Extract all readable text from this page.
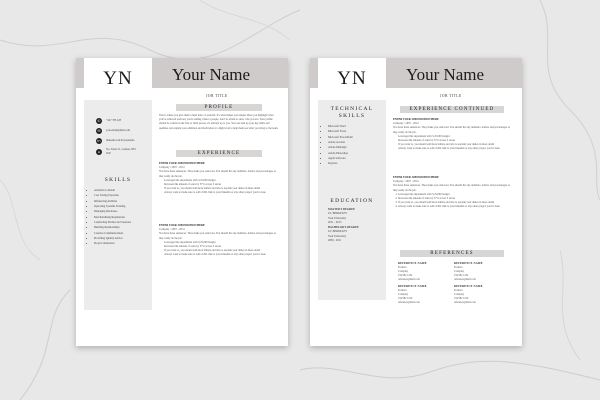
YN	Your Name
JOB TITLE
✆	+447 783 228
✉	your.email@mail.com
in	linkedin.com/in/yourname
⌂	No. Street 21, London, NE1 2GE
SKILLS
• Attention to Detail
• Cost Saving Expertise
• Influencing Abilities
• Operating Systems Training
• Managing Databases
• Merchandising Regulations
• Conducting Pitches and Sessions
• Building Relationships
• Creative Communications
• Providing Quality Advice
• Project Orientated
PROFILE
This is where you give them a brief intro of yourself. It's what makes you unique. Here you highlight what you've achieved and how you're adding value to people, don't be afraid to show who you are. Your profile should be written in the first or third person, it's entirely up to you. You can sum up your key skills and qualities and explain your ambition and motivation at a high level to help them see what you bring to the team.
EXPERIENCE
ENTER YOUR JOB POSITION HERE
Company / 2007 - 2014
You have three sentences. They make you stand out. You should list any numbers, dollars and percentages as they really do the job.
• Leveraged the department with 3,25,000 budget
• Increased the amount of sales by 57% across 3 stores
• If you want to, you should add more bullets and tabs to explain your duties in more detail
• Always want to make sure to add a URL link to your linkedin or any other project you've done
ENTER YOUR JOB POSITION HERE
Company / 2007 - 2014
You have three sentences. They make you stand out. You should list any numbers, dollars and percentages as they really do the job.
• Leveraged the department with 3,25,000 budget
• Increased the amount of sales by 57% across 3 stores
• If you want to, you should add more bullets and tabs to explain your duties in more detail
• Always want to make sure to add a URL link to your linkedin or any other project you've done
YN	Your Name
JOB TITLE
TECHNICAL SKILLS
• Microsoft Word
• Microsoft Excel
• Microsoft PowerPoint
• Adobe Acrobat
• Adobe InDesign
• Adobe Photoshop
• Apple Software
• Keynote
EDUCATION
MASTER'S DEGREE
UC BERKELEY
Your University
2011 - 2013
BACHELOR'S DEGREE
UC BERKELEY
Your University
2009 - 2011
EXPERIENCE CONTINUED
ENTER YOUR JOB POSITION HERE
Company / 2007 - 2014
You have three sentences. They make you stand out. You should list any numbers, dollars and percentages as they really do the job.
• Leveraged the department with 3,25,000 budget
• Increased the amount of sales by 57% across 3 stores
• If you want to, you should add more bullets and tabs to explain your duties in more detail
• Always want to make sure to add a URL link to your linkedin or any other project you've done
ENTER YOUR JOB POSITION HERE
Company / 2007 - 2014
You have three sentences. They make you stand out. You should list any numbers, dollars and percentages as they really do the job.
1. Leveraged the department with 3,25,000 budget
2. Increased the amount of sales by 57% across 3 stores
3. If you want to, you should add more bullets and tabs to explain your duties in more detail
4. Always want to make sure to add a URL link to your linkedin or any other project you've done
REFERENCES
REFERENCE NAME
Position
Company
234 882 1234
reference@mail.com
REFERENCE NAME
Position
Company
234 882 1234
reference@mail.com
REFERENCE NAME
Position
Company
234 882 1234
reference@mail.com
REFERENCE NAME
Position
Company
234 882 1234
reference@mail.com
